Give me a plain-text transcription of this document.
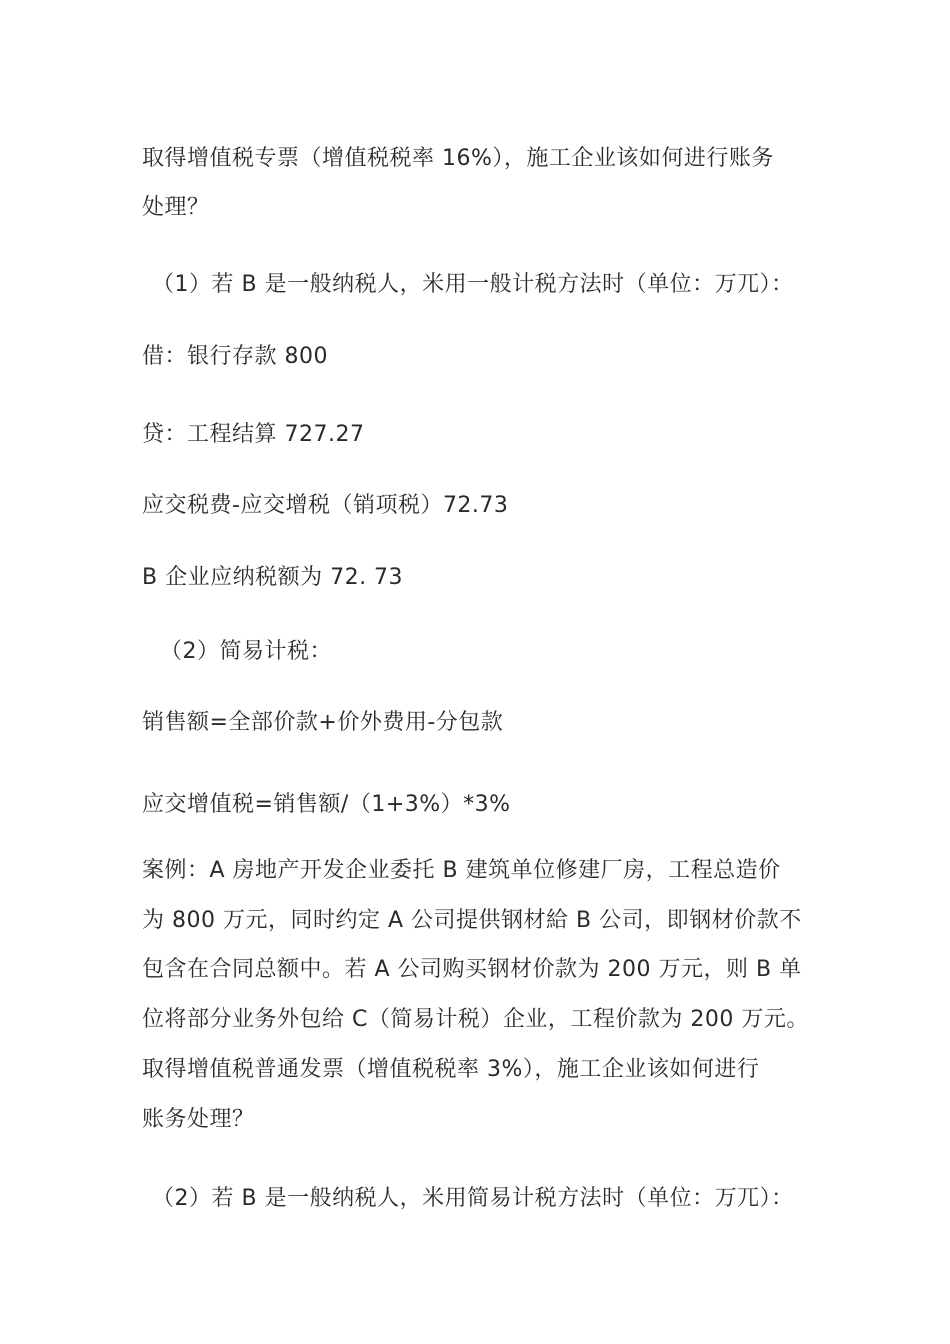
取得增值税专票（增值税税率 16%），施工企业该如何进行账务

处理？

（1）若 B 是一般纳税人，米用一般计税方法时（单位：万兀）：

借：银行存款 800

贷：工程结算 727.27

应交税费-应交增税（销项税）72.73

B 企业应纳税额为 72. 73

（2）简易计税：

销售额=全部价款+价外费用-分包款

应交增值税=销售额/（1+3%）*3%

案例：A 房地产开发企业委托 B 建筑单位修建厂房，工程总造价

为 800 万元，同时约定 A 公司提供钢材給 B 公司，即钢材价款不

包含在合同总额中。若 A 公司购买钢材价款为 200 万元，则 B 单

位将部分业务外包给 C（简易计税）企业，工程价款为 200 万元。

取得增值税普通发票（增值税税率 3%），施工企业该如何进行

账务处理？

（2）若 B 是一般纳税人，米用简易计税方法时（单位：万兀）：
